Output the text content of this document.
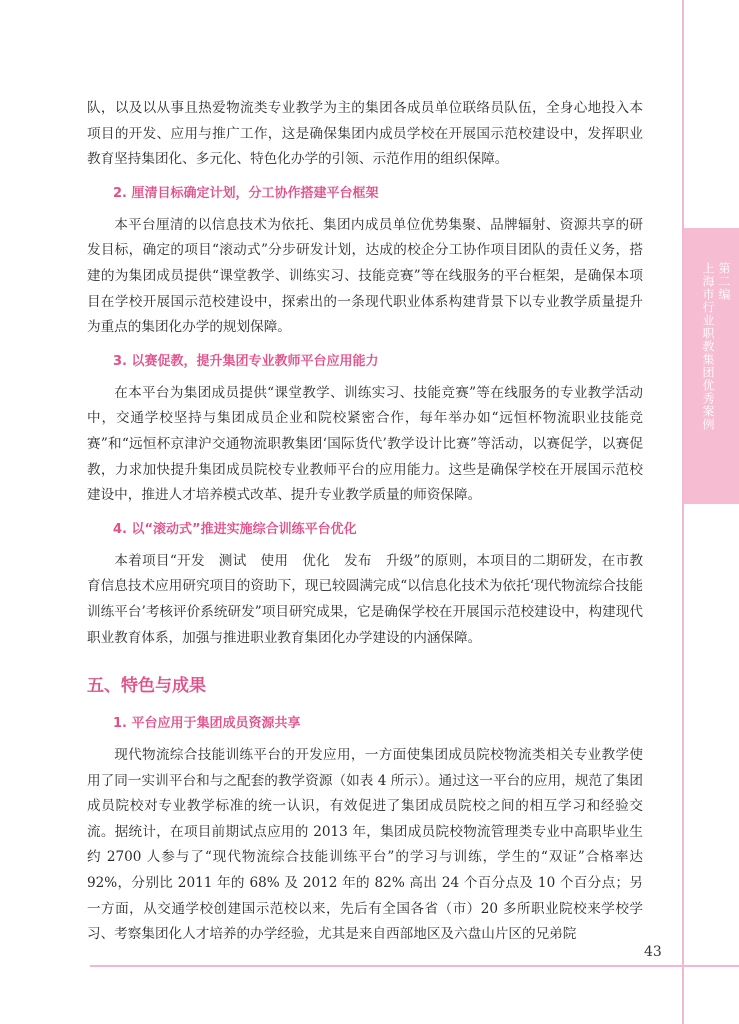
第二编
上海市行业职教集团优秀案例

队，以及以从事且热爱物流类专业教学为主的集团各成员单位联络员队伍，全身心地投入本项目的开发、应用与推广工作，这是确保集团内成员学校在开展国示范校建设中，发挥职业教育坚持集团化、多元化、特色化办学的引领、示范作用的组织保障。

2. 厘清目标确定计划，分工协作搭建平台框架

本平台厘清的以信息技术为依托、集团内成员单位优势集聚、品牌辐射、资源共享的研发目标，确定的项目“滚动式”分步研发计划，达成的校企分工协作项目团队的责任义务，搭建的为集团成员提供“课堂教学、训练实习、技能竞赛”等在线服务的平台框架，是确保本项目在学校开展国示范校建设中，探索出的一条现代职业体系构建背景下以专业教学质量提升为重点的集团化办学的规划保障。

3. 以赛促教，提升集团专业教师平台应用能力

在本平台为集团成员提供“课堂教学、训练实习、技能竞赛”等在线服务的专业教学活动中，交通学校坚持与集团成员企业和院校紧密合作，每年举办如“远恒杯物流职业技能竞赛”和“远恒杯京津沪交通物流职教集团‘国际货代’教学设计比赛”等活动，以赛促学，以赛促教，力求加快提升集团成员院校专业教师平台的应用能力。这些是确保学校在开展国示范校建设中，推进人才培养模式改革、提升专业教学质量的师资保障。

4. 以“滚动式”推进实施综合训练平台优化

本着项目“开发　测试　使用　优化　发布　升级”的原则，本项目的二期研发，在市教育信息技术应用研究项目的资助下，现已较圆满完成“以信息化技术为依托‘现代物流综合技能训练平台’考核评价系统研发”项目研究成果，它是确保学校在开展国示范校建设中，构建现代职业教育体系，加强与推进职业教育集团化办学建设的内涵保障。

五、特色与成果
1. 平台应用于集团成员资源共享

现代物流综合技能训练平台的开发应用，一方面使集团成员院校物流类相关专业教学使用了同一实训平台和与之配套的教学资源（如表 4 所示）。通过这一平台的应用，规范了集团成员院校对专业教学标准的统一认识，有效促进了集团成员院校之间的相互学习和经验交流。据统计，在项目前期试点应用的 2013 年，集团成员院校物流管理类专业中高职毕业生约 2700 人参与了“现代物流综合技能训练平台”的学习与训练，学生的“双证”合格率达 92%，分别比 2011 年的 68% 及 2012 年的 82% 高出 24 个百分点及 10 个百分点；另一方面，从交通学校创建国示范校以来，先后有全国各省（市）20 多所职业院校来学校学习、考察集团化人才培养的办学经验，尤其是来自西部地区及六盘山片区的兄弟院

43
